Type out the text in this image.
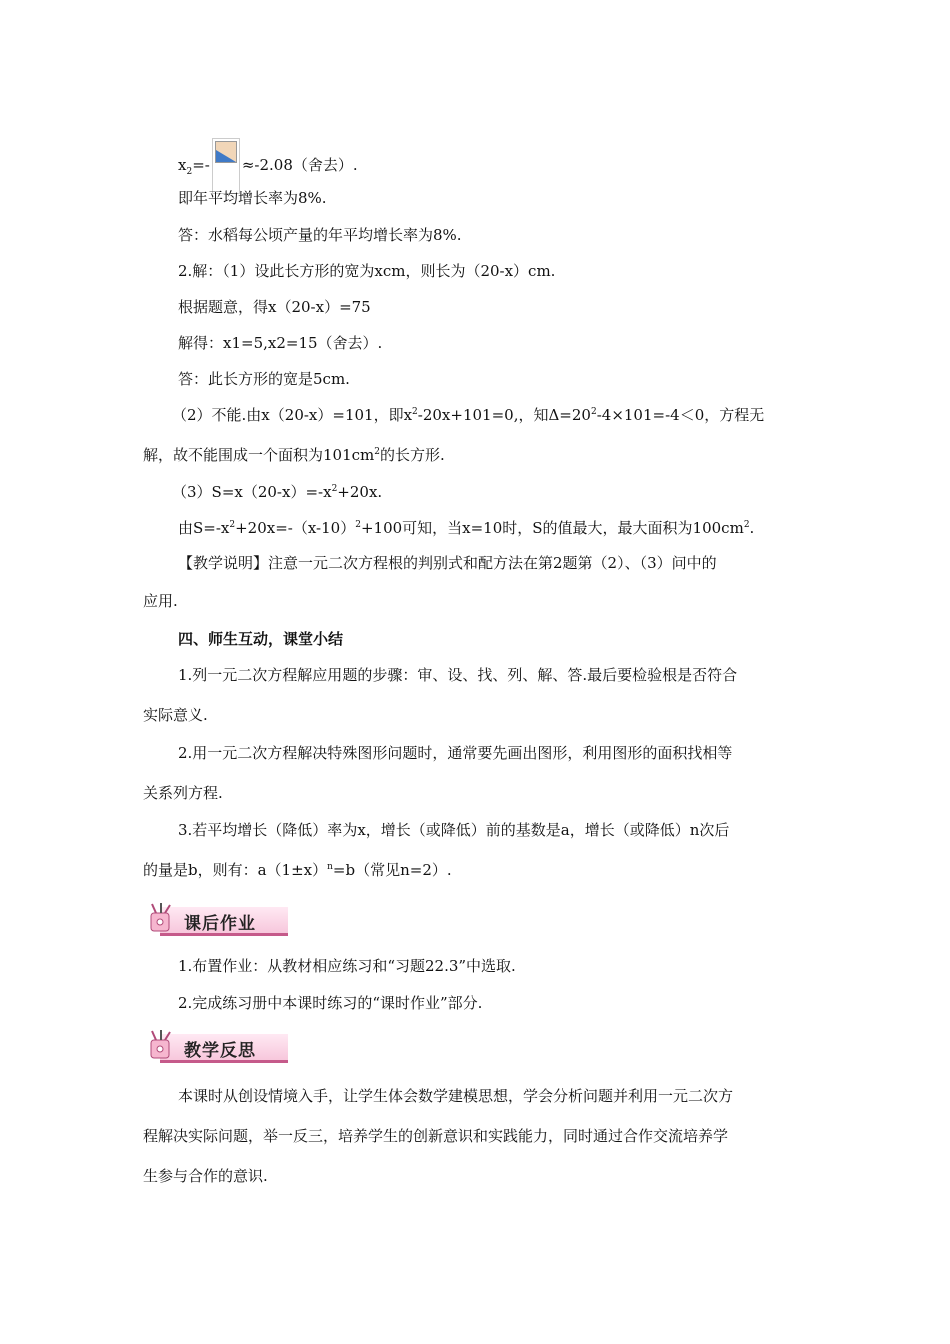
$x_2=- \approx-2.08$（舍去）.
即年平均增长率为8%.
答：水稻每公顷产量的年平均增长率为8%.
2.解：（1）设此长方形的宽为xcm，则长为（20-x）cm.
根据题意，得x（20-x）=75
解得：x1=5,x2=15（舍去）.
答：此长方形的宽是5cm.
（2）不能.由x（20-x）=101，即$x^2-20x+101=0$,，知$\Delta=20^2-4\times 101=-4<0$，方程无
解，故不能围成一个面积为$101cm^2$的长方形.
$(3)S=x(20-x)=-x^2+20x$.
由$S=-x^2+20x=-(x-10)^2+100$可知，当x=10时，S的值最大，最大面积为$100cm^2$.
【教学说明】注意一元二次方程根的判别式和配方法在第2题第（2）、（3）问中的
应用.
四、师生互动，课堂小结
1.列一元二次方程解应用题的步骤：审、设、找、列、解、答.最后要检验根是否符合
实际意义.
2.用一元二次方程解决特殊图形问题时，通常要先画出图形，利用图形的面积找相等
关系列方程.
3.若平均增长（降低）率为x，增长（或降低）前的基数是a，增长（或降低）n次后
的量是b，则有：$a(1\pm x)^n=b$（常见n=2）.
课后作业
1.布置作业：从教材相应练习和“习题22.3”中选取.
2.完成练习册中本课时练习的“课时作业”部分.
教学反思
本课时从创设情境入手，让学生体会数学建模思想，学会分析问题并利用一元二次方
程解决实际问题，举一反三，培养学生的创新意识和实践能力，同时通过合作交流培养学
生参与合作的意识.
